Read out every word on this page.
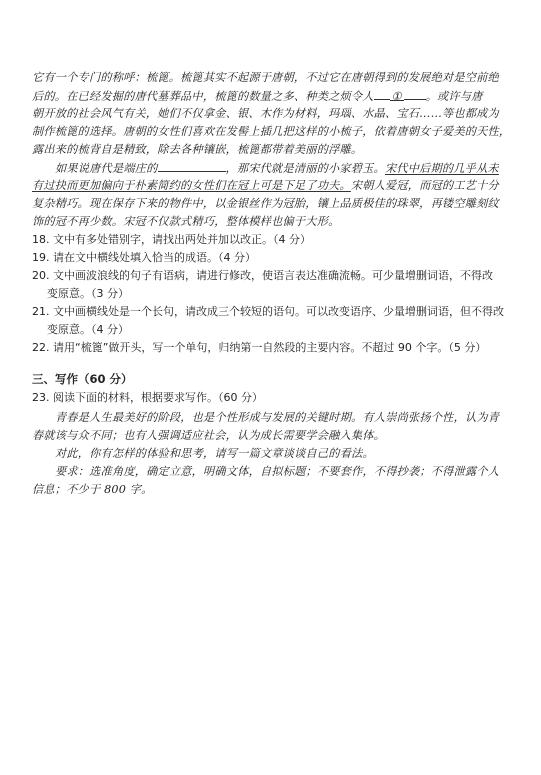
它有一个专门的称呼：梳篦。梳篦其实不起源于唐朝，不过它在唐朝得到的发展绝对是空前绝
后的。在已经发掘的唐代墓葬品中，梳篦的数量之多、种类之烦令人 ① 。或许与唐
朝开放的社会风气有关，她们不仅拿金、银、木作为材料，玛瑙、水晶、宝石……等也都成为
制作梳篦的选择。唐朝的女性们喜欢在发髻上插几把这样的小梳子，依着唐朝女子爱美的天性，
露出来的梳背自是精致，除去各种镶嵌，梳篦都带着美丽的浮雕。
如果说唐代是端庄的	，那宋代就是清丽的小家碧玉。宋代中后期的几乎从未
有过抉而更加偏向于朴素简约的女性们在冠上可是下足了功夫。宋朝人爱冠，而冠的工艺十分
复杂精巧。现在保存下来的物件中，以金银丝作为冠胎，镶上品质极佳的珠翠，再镂空雕刻纹
饰的冠不再少数。宋冠不仅款式精巧，整体模样也偏于大形。
18. 文中有多处错别字，请找出两处并加以改正。（4 分）
19. 请在文中横线处填入恰当的成语。（4 分）
20. 文中画波浪线的句子有语病，请进行修改，使语言表达准确流畅。可少量增删词语，不得改
变原意。（3 分）
21. 文中画横线处是一个长句，请改成三个较短的语句。可以改变语序、少量增删词语，但不得改
变原意。（4 分）
22. 请用“梳篦”做开头，写一个单句，归纳第一自然段的主要内容。不超过 90 个字。（5 分）
三、写作（60 分）
23. 阅读下面的材料，根据要求写作。（60 分）
青春是人生最美好的阶段，也是个性形成与发展的关键时期。有人崇尚张扬个性，认为青
春就该与众不同；也有人强调适应社会，认为成长需要学会融入集体。
对此，你有怎样的体验和思考，请写一篇文章谈谈自己的看法。
要求：选准角度，确定立意，明确文体，自拟标题；不要套作，不得抄袭；不得泄露个人
信息；不少于 800 字。
